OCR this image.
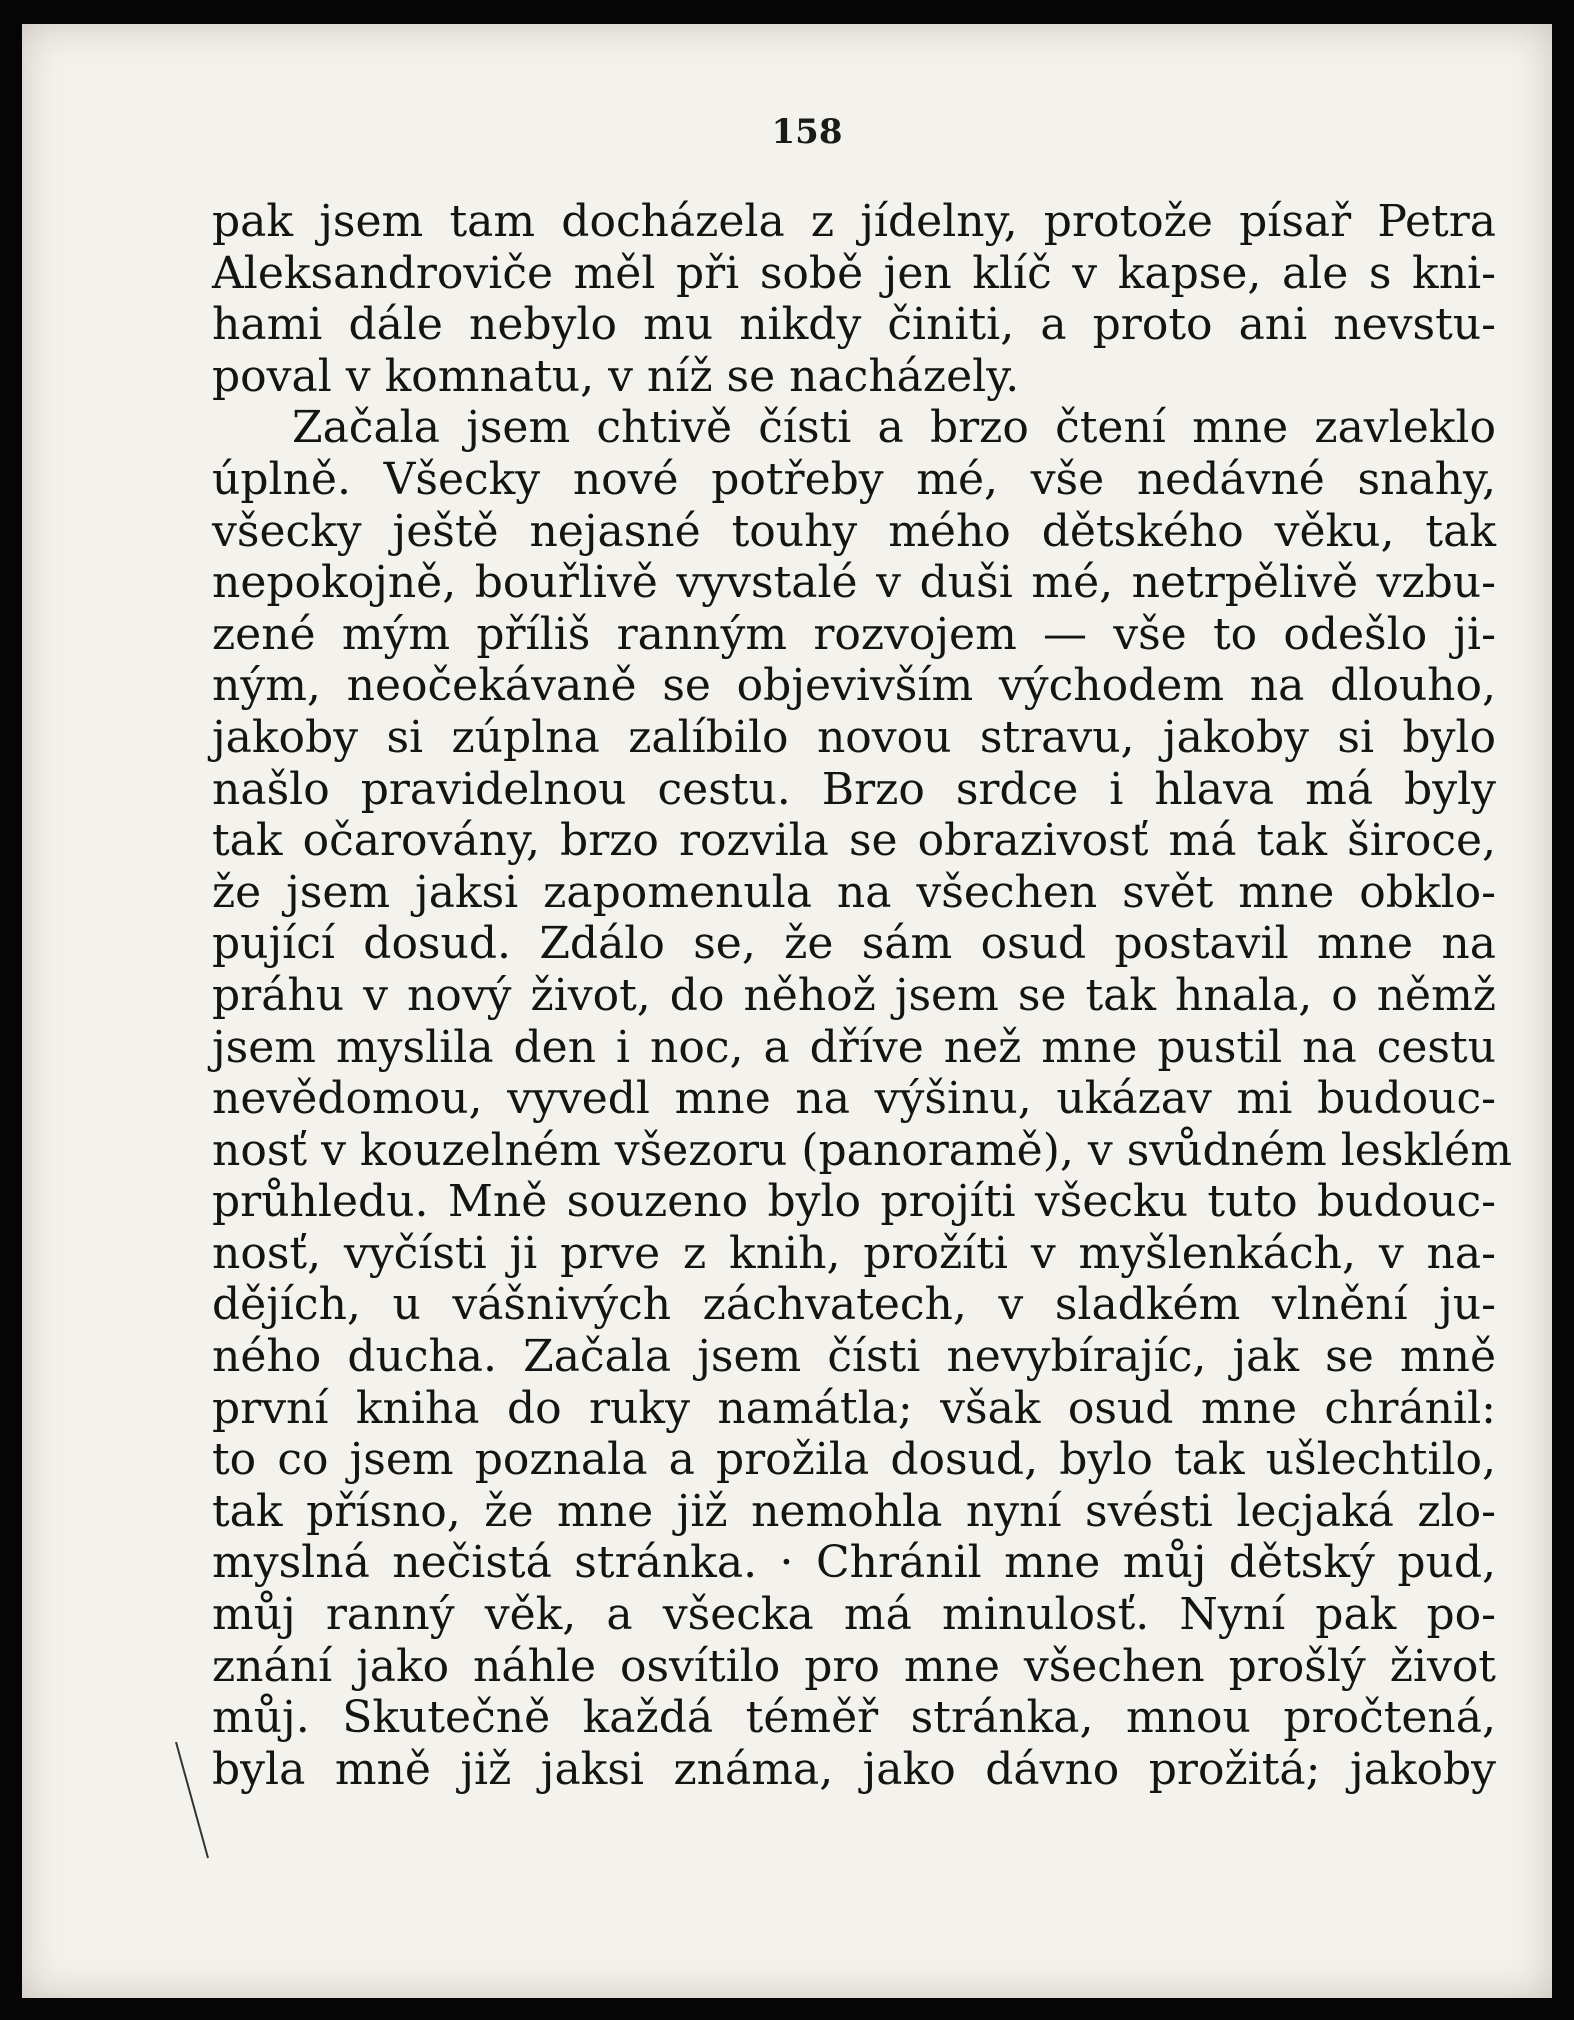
158
pak jsem tam docházela z jídelny, protože písař Petra
Aleksandroviče měl při sobě jen klíč v kapse, ale s kni-
hami dále nebylo mu nikdy činiti, a proto ani nevstu-
poval v komnatu, v níž se nacházely.
Začala jsem chtivě čísti a brzo čtení mne zavleklo
úplně. Všecky nové potřeby mé, vše nedávné snahy,
všecky ještě nejasné touhy mého dětského věku, tak
nepokojně, bouřlivě vyvstalé v duši mé, netrpělivě vzbu-
zené mým příliš ranným rozvojem — vše to odešlo ji-
ným, neočekávaně se objevivším východem na dlouho,
jakoby si zúplna zalíbilo novou stravu, jakoby si bylo
našlo pravidelnou cestu. Brzo srdce i hlava má byly
tak očarovány, brzo rozvila se obrazivosť má tak široce,
že jsem jaksi zapomenula na všechen svět mne obklo-
pující dosud. Zdálo se, že sám osud postavil mne na
práhu v nový život, do něhož jsem se tak hnala, o němž
jsem myslila den i noc, a dříve než mne pustil na cestu
nevědomou, vyvedl mne na výšinu, ukázav mi budouc-
nosť v kouzelném všezoru (panoramě), v svůdném lesklém
průhledu. Mně souzeno bylo projíti všecku tuto budouc-
nosť, vyčísti ji prve z knih, prožíti v myšlenkách, v na-
dějích, u vášnivých záchvatech, v sladkém vlnění ju-
ného ducha. Začala jsem čísti nevybírajíc, jak se mně
první kniha do ruky namátla; však osud mne chránil:
to co jsem poznala a prožila dosud, bylo tak ušlechtilo,
tak přísno, že mne již nemohla nyní svésti lecjaká zlo-
myslná nečistá stránka. · Chránil mne můj dětský pud,
můj ranný věk, a všecka má minulosť. Nyní pak po-
znání jako náhle osvítilo pro mne všechen prošlý život
můj. Skutečně každá téměř stránka, mnou pročtená,
byla mně již jaksi známa, jako dávno prožitá; jakoby
